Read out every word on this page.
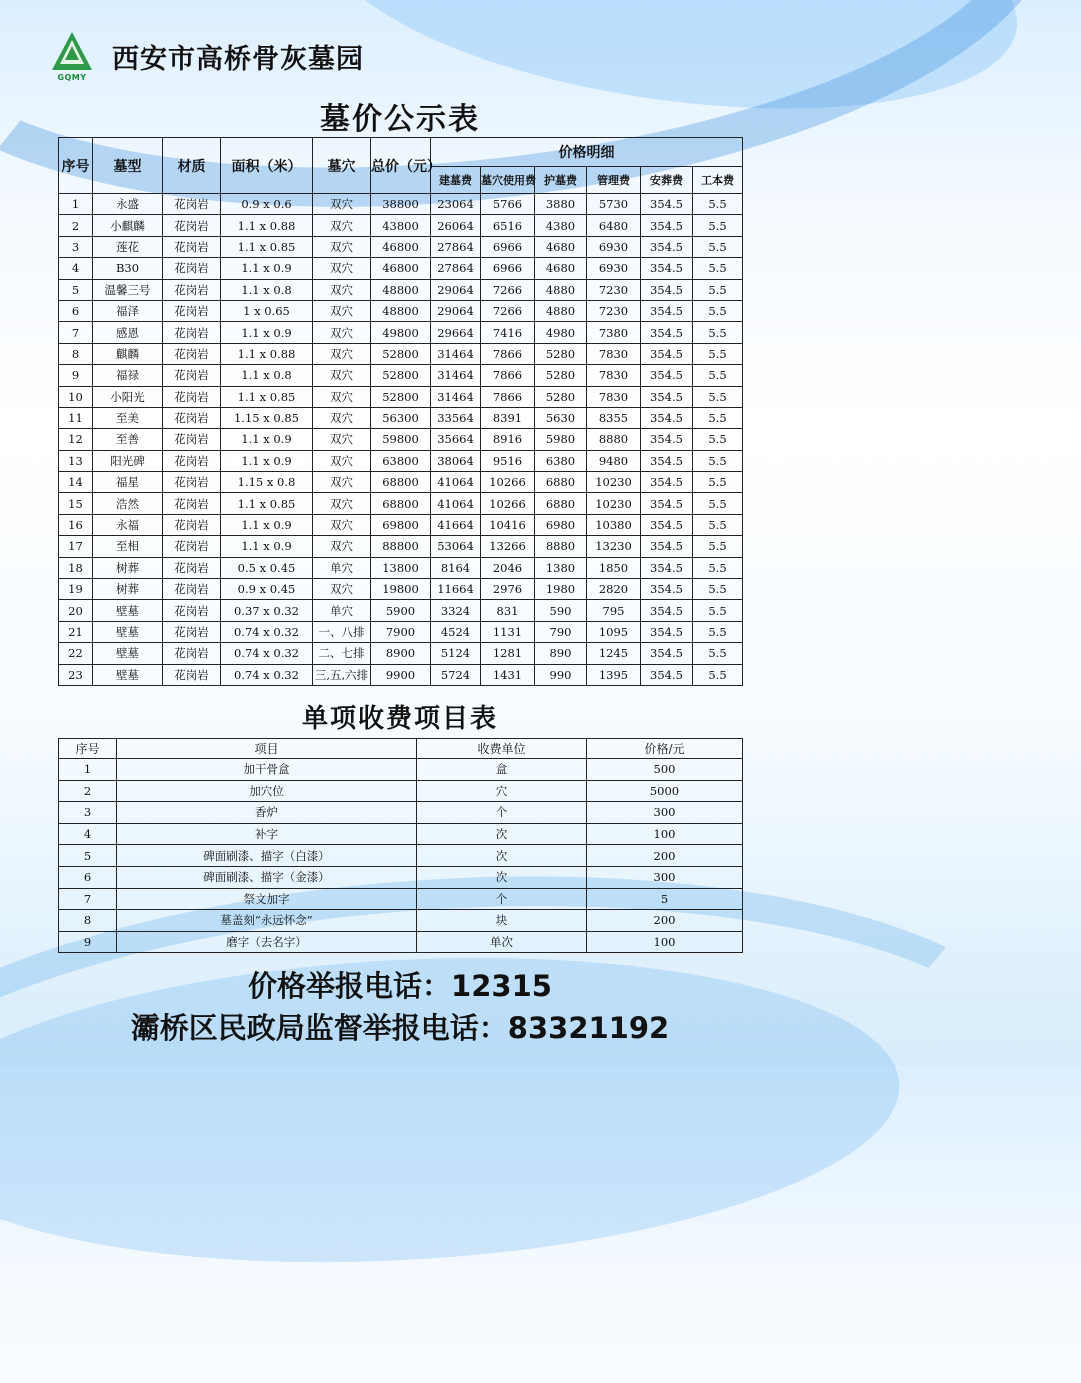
GQMY
西安市高桥骨灰墓园
墓价公示表
序号	墓型	材质	面积（米）	墓穴	总价（元）	价格明细					
						建墓费	墓穴使用费	护墓费	管理费	安葬费	工本费
1	永盛	花岗岩	0.9 x 0.6	双穴	38800	23064	5766	3880	5730	354.5	5.5
2	小麒麟	花岗岩	1.1 x 0.88	双穴	43800	26064	6516	4380	6480	354.5	5.5
3	莲花	花岗岩	1.1 x 0.85	双穴	46800	27864	6966	4680	6930	354.5	5.5
4	B30	花岗岩	1.1 x 0.9	双穴	46800	27864	6966	4680	6930	354.5	5.5
5	温馨三号	花岗岩	1.1 x 0.8	双穴	48800	29064	7266	4880	7230	354.5	5.5
6	福泽	花岗岩	1 x 0.65	双穴	48800	29064	7266	4880	7230	354.5	5.5
7	感恩	花岗岩	1.1 x 0.9	双穴	49800	29664	7416	4980	7380	354.5	5.5
8	麒麟	花岗岩	1.1 x 0.88	双穴	52800	31464	7866	5280	7830	354.5	5.5
9	福禄	花岗岩	1.1 x 0.8	双穴	52800	31464	7866	5280	7830	354.5	5.5
10	小阳光	花岗岩	1.1 x 0.85	双穴	52800	31464	7866	5280	7830	354.5	5.5
11	至美	花岗岩	1.15 x 0.85	双穴	56300	33564	8391	5630	8355	354.5	5.5
12	至善	花岗岩	1.1 x 0.9	双穴	59800	35664	8916	5980	8880	354.5	5.5
13	阳光碑	花岗岩	1.1 x 0.9	双穴	63800	38064	9516	6380	9480	354.5	5.5
14	福星	花岗岩	1.15 x 0.8	双穴	68800	41064	10266	6880	10230	354.5	5.5
15	浩然	花岗岩	1.1 x 0.85	双穴	68800	41064	10266	6880	10230	354.5	5.5
16	永福	花岗岩	1.1 x 0.9	双穴	69800	41664	10416	6980	10380	354.5	5.5
17	至相	花岗岩	1.1 x 0.9	双穴	88800	53064	13266	8880	13230	354.5	5.5
18	树葬	花岗岩	0.5 x 0.45	单穴	13800	8164	2046	1380	1850	354.5	5.5
19	树葬	花岗岩	0.9 x 0.45	双穴	19800	11664	2976	1980	2820	354.5	5.5
20	壁墓	花岗岩	0.37 x 0.32	单穴	5900	3324	831	590	795	354.5	5.5
21	壁墓	花岗岩	0.74 x 0.32	一、八排	7900	4524	1131	790	1095	354.5	5.5
22	壁墓	花岗岩	0.74 x 0.32	二、七排	8900	5124	1281	890	1245	354.5	5.5
23	壁墓	花岗岩	0.74 x 0.32	三,五,六排	9900	5724	1431	990	1395	354.5	5.5
单项收费项目表
序号	项目	收费单位	价格/元
1	加干骨盒	盒	500
2	加穴位	穴	5000
3	香炉	个	300
4	补字	次	100
5	碑面刷漆、描字（白漆）	次	200
6	碑面刷漆、描字（金漆）	次	300
7	祭文加字	个	5
8	墓盖刻“永远怀念”	块	200
9	磨字（去名字）	单次	100
价格举报电话：12315
灞桥区民政局监督举报电话：83321192
